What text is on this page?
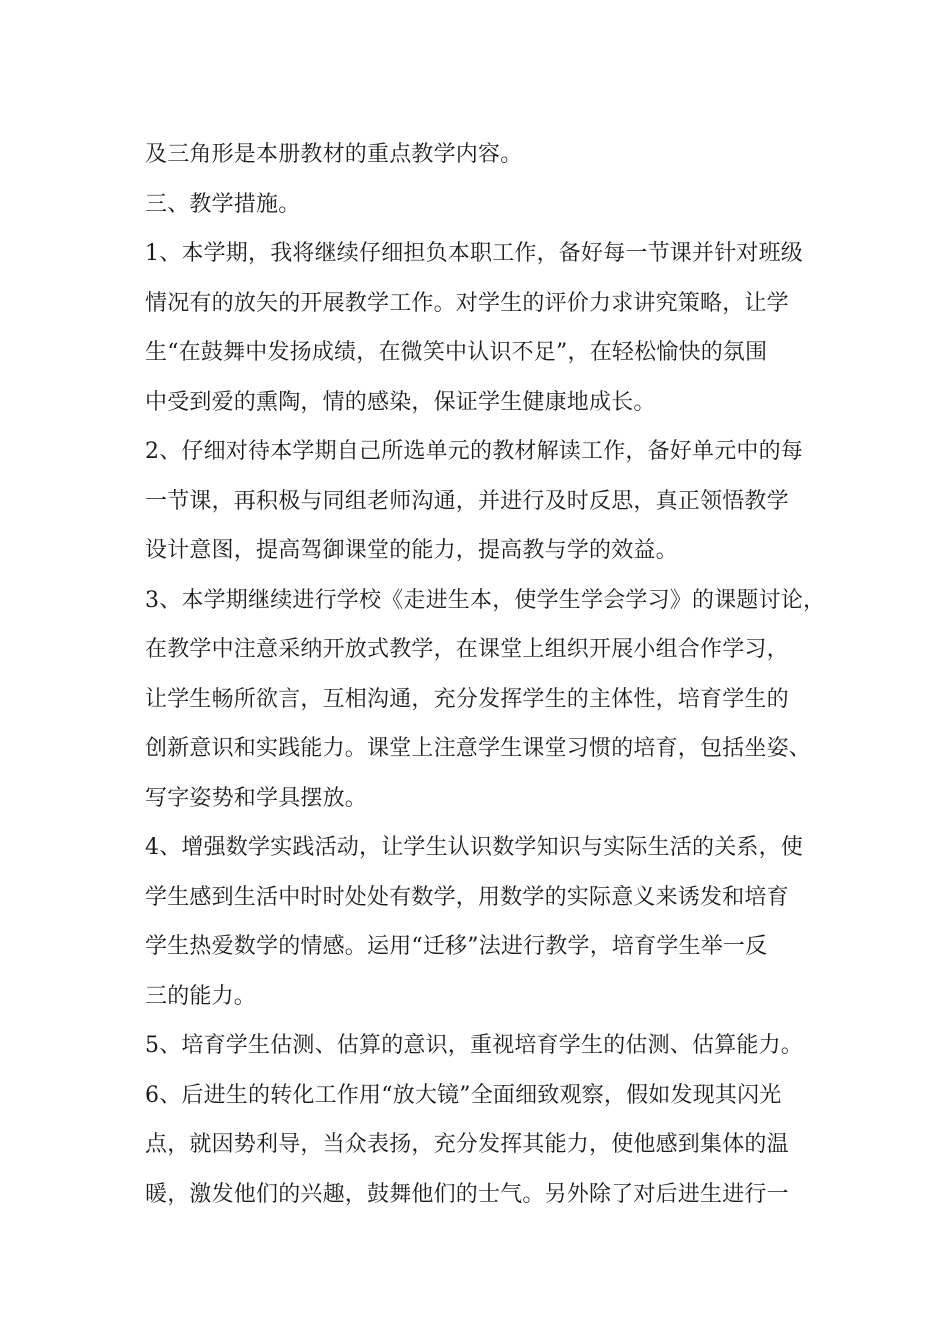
及三角形是本册教材的重点教学内容。
三、教学措施。
1、本学期，我将继续仔细担负本职工作，备好每一节课并针对班级
情况有的放矢的开展教学工作。对学生的评价力求讲究策略，让学
生“在鼓舞中发扬成绩，在微笑中认识不足”，在轻松愉快的氛围
中受到爱的熏陶，情的感染，保证学生健康地成长。
2、仔细对待本学期自己所选单元的教材解读工作，备好单元中的每
一节课，再积极与同组老师沟通，并进行及时反思，真正领悟教学
设计意图，提高驾御课堂的能力，提高教与学的效益。
3、本学期继续进行学校《走进生本，使学生学会学习》的课题讨论，
在教学中注意采纳开放式教学，在课堂上组织开展小组合作学习，
让学生畅所欲言，互相沟通，充分发挥学生的主体性，培育学生的
创新意识和实践能力。课堂上注意学生课堂习惯的培育，包括坐姿、
写字姿势和学具摆放。
4、增强数学实践活动，让学生认识数学知识与实际生活的关系，使
学生感到生活中时时处处有数学，用数学的实际意义来诱发和培育
学生热爱数学的情感。运用“迁移”法进行教学，培育学生举一反
三的能力。
5、培育学生估测、估算的意识，重视培育学生的估测、估算能力。
6、后进生的转化工作用“放大镜”全面细致观察，假如发现其闪光
点，就因势利导，当众表扬，充分发挥其能力，使他感到集体的温
暖，激发他们的兴趣，鼓舞他们的士气。另外除了对后进生进行一
